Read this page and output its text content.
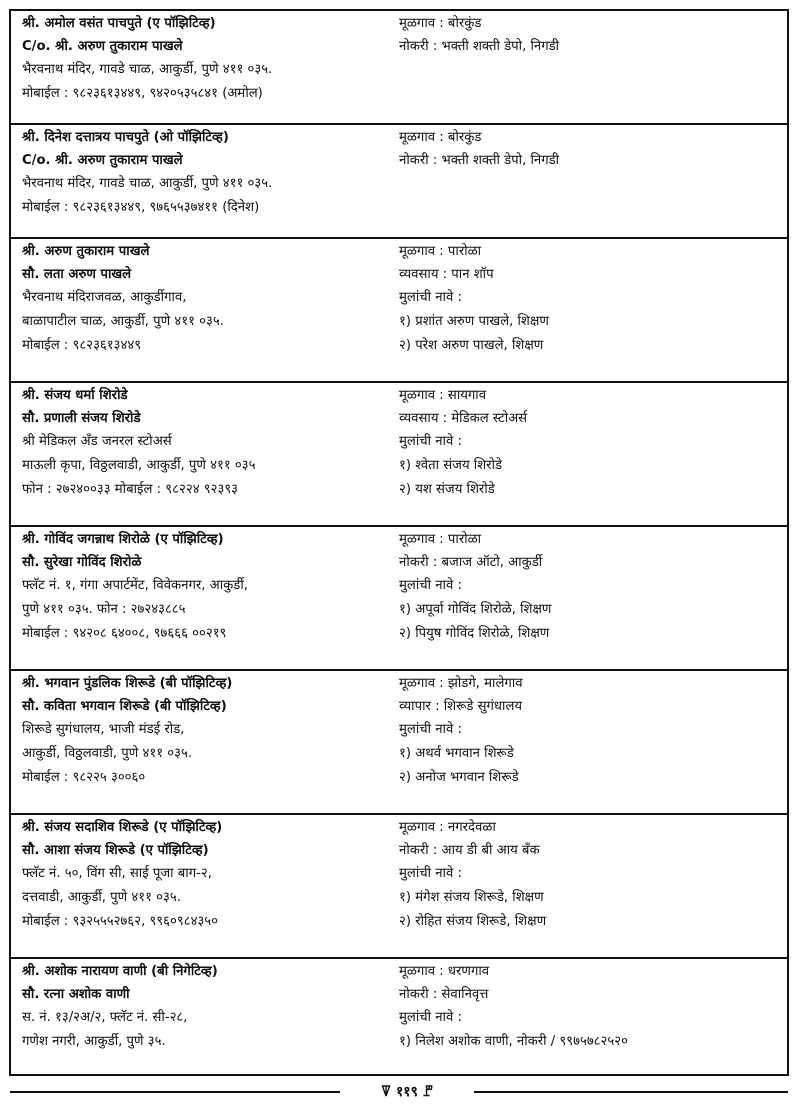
श्री. अमोल वसंत पाचपुते (ए पॉझिटिव्ह)
C/o. श्री. अरुण तुकाराम पाखले
भैरवनाथ मंदिर, गावडे चाळ, आकुर्डी, पुणे ४११ ०३५.
मोबाईल : ९८२३६१३४४९, ९४२०५३५८४१ (अमोल)
मूळगाव : बोरकुंड
नोकरी : भक्ती शक्ती डेपो, निगडी
श्री. दिनेश दत्तात्रय पाचपुते (ओ पॉझिटिव्ह)
C/o. श्री. अरुण तुकाराम पाखले
भैरवनाथ मंदिर, गावडे चाळ, आकुर्डी, पुणे ४११ ०३५.
मोबाईल : ९८२३६१३४४९, ९७६५५३७४११ (दिनेश)
मूळगाव : बोरकुंड
नोकरी : भक्ती शक्ती डेपो, निगडी
श्री. अरुण तुकाराम पाखले
सौ. लता अरुण पाखले
भैरवनाथ मंदिराजवळ, आकुर्डीगाव,
बाळापाटील चाळ, आकुर्डी, पुणे ४११ ०३५.
मोबाईल : ९८२३६१३४४९
मूळगाव : पारोळा
व्यवसाय : पान शॉप
मुलांची नावे :
१) प्रशांत अरुण पाखले, शिक्षण
२) परेश अरुण पाखले, शिक्षण
श्री. संजय धर्मा शिरोडे
सौ. प्रणाली संजय शिरोडे
श्री मेडिकल अँड जनरल स्टोअर्स
माऊली कृपा, विठ्ठलवाडी, आकुर्डी, पुणे ४११ ०३५
फोन : २७२४००३३ मोबाईल : ९८२२४ ९२३९३
मूळगाव : सायगाव
व्यवसाय : मेडिकल स्टोअर्स
मुलांची नावे :
१) श्वेता संजय शिरोडे
२) यश संजय शिरोडे
श्री. गोविंद जगन्नाथ शिरोळे (ए पॉझिटिव्ह)
सौ. सुरेखा गोविंद शिरोळे
फ्लॅट नं. १, गंगा अपार्टमेंट, विवेकनगर, आकुर्डी,
पुणे ४११ ०३५. फोन : २७२४३८८५
मोबाईल : ९४२०८ ६४००८, ९७६६६ ००२१९
मूळगाव : पारोळा
नोकरी : बजाज ऑटो, आकुर्डी
मुलांची नावे :
१) अपूर्वा गोविंद शिरोळे, शिक्षण
२) पियुष गोविंद शिरोळे, शिक्षण
श्री. भगवान पुंडलिक शिरूडे (बी पॉझिटिव्ह)
सौ. कविता भगवान शिरूडे (बी पॉझिटिव्ह)
शिरूडे सुगंधालय, भाजी मंडई रोड,
आकुर्डी, विठ्ठलवाडी, पुणे ४११ ०३५.
मोबाईल : ९८२२५ ३००६०
मूळगाव : झोडगे, मालेगाव
व्यापार : शिरूडे सुगंधालय
मुलांची नावे :
१) अथर्व भगवान शिरूडे
२) अनोज भगवान शिरूडे
श्री. संजय सदाशिव शिरूडे (ए पॉझिटिव्ह)
सौ. आशा संजय शिरूडे (ए पॉझिटिव्ह)
फ्लॅट नं. ५०, विंग सी, साई पूजा बाग-२,
दत्तवाडी, आकुर्डी, पुणे ४११ ०३५.
मोबाईल : ९३२५५५२७६२, ९९६०९८४३५०
मूळगाव : नगरदेवळा
नोकरी : आय डी बी आय बँक
मुलांची नावे :
१) मंगेश संजय शिरूडे, शिक्षण
२) रोहित संजय शिरूडे, शिक्षण
श्री. अशोक नारायण वाणी (बी निगेटिव्ह)
सौ. रत्ना अशोक वाणी
स. नं. १३/२अ/२, फ्लॅट नं. सी-२८,
गणेश नगरी, आकुर्डी, पुणे ३५.
मूळगाव : धरणगाव
नोकरी : सेवानिवृत्त
मुलांची नावे :
१) निलेश अशोक वाणी, नोकरी / ९९७५७८२५२०
ꘜ ११९ ꘝ
